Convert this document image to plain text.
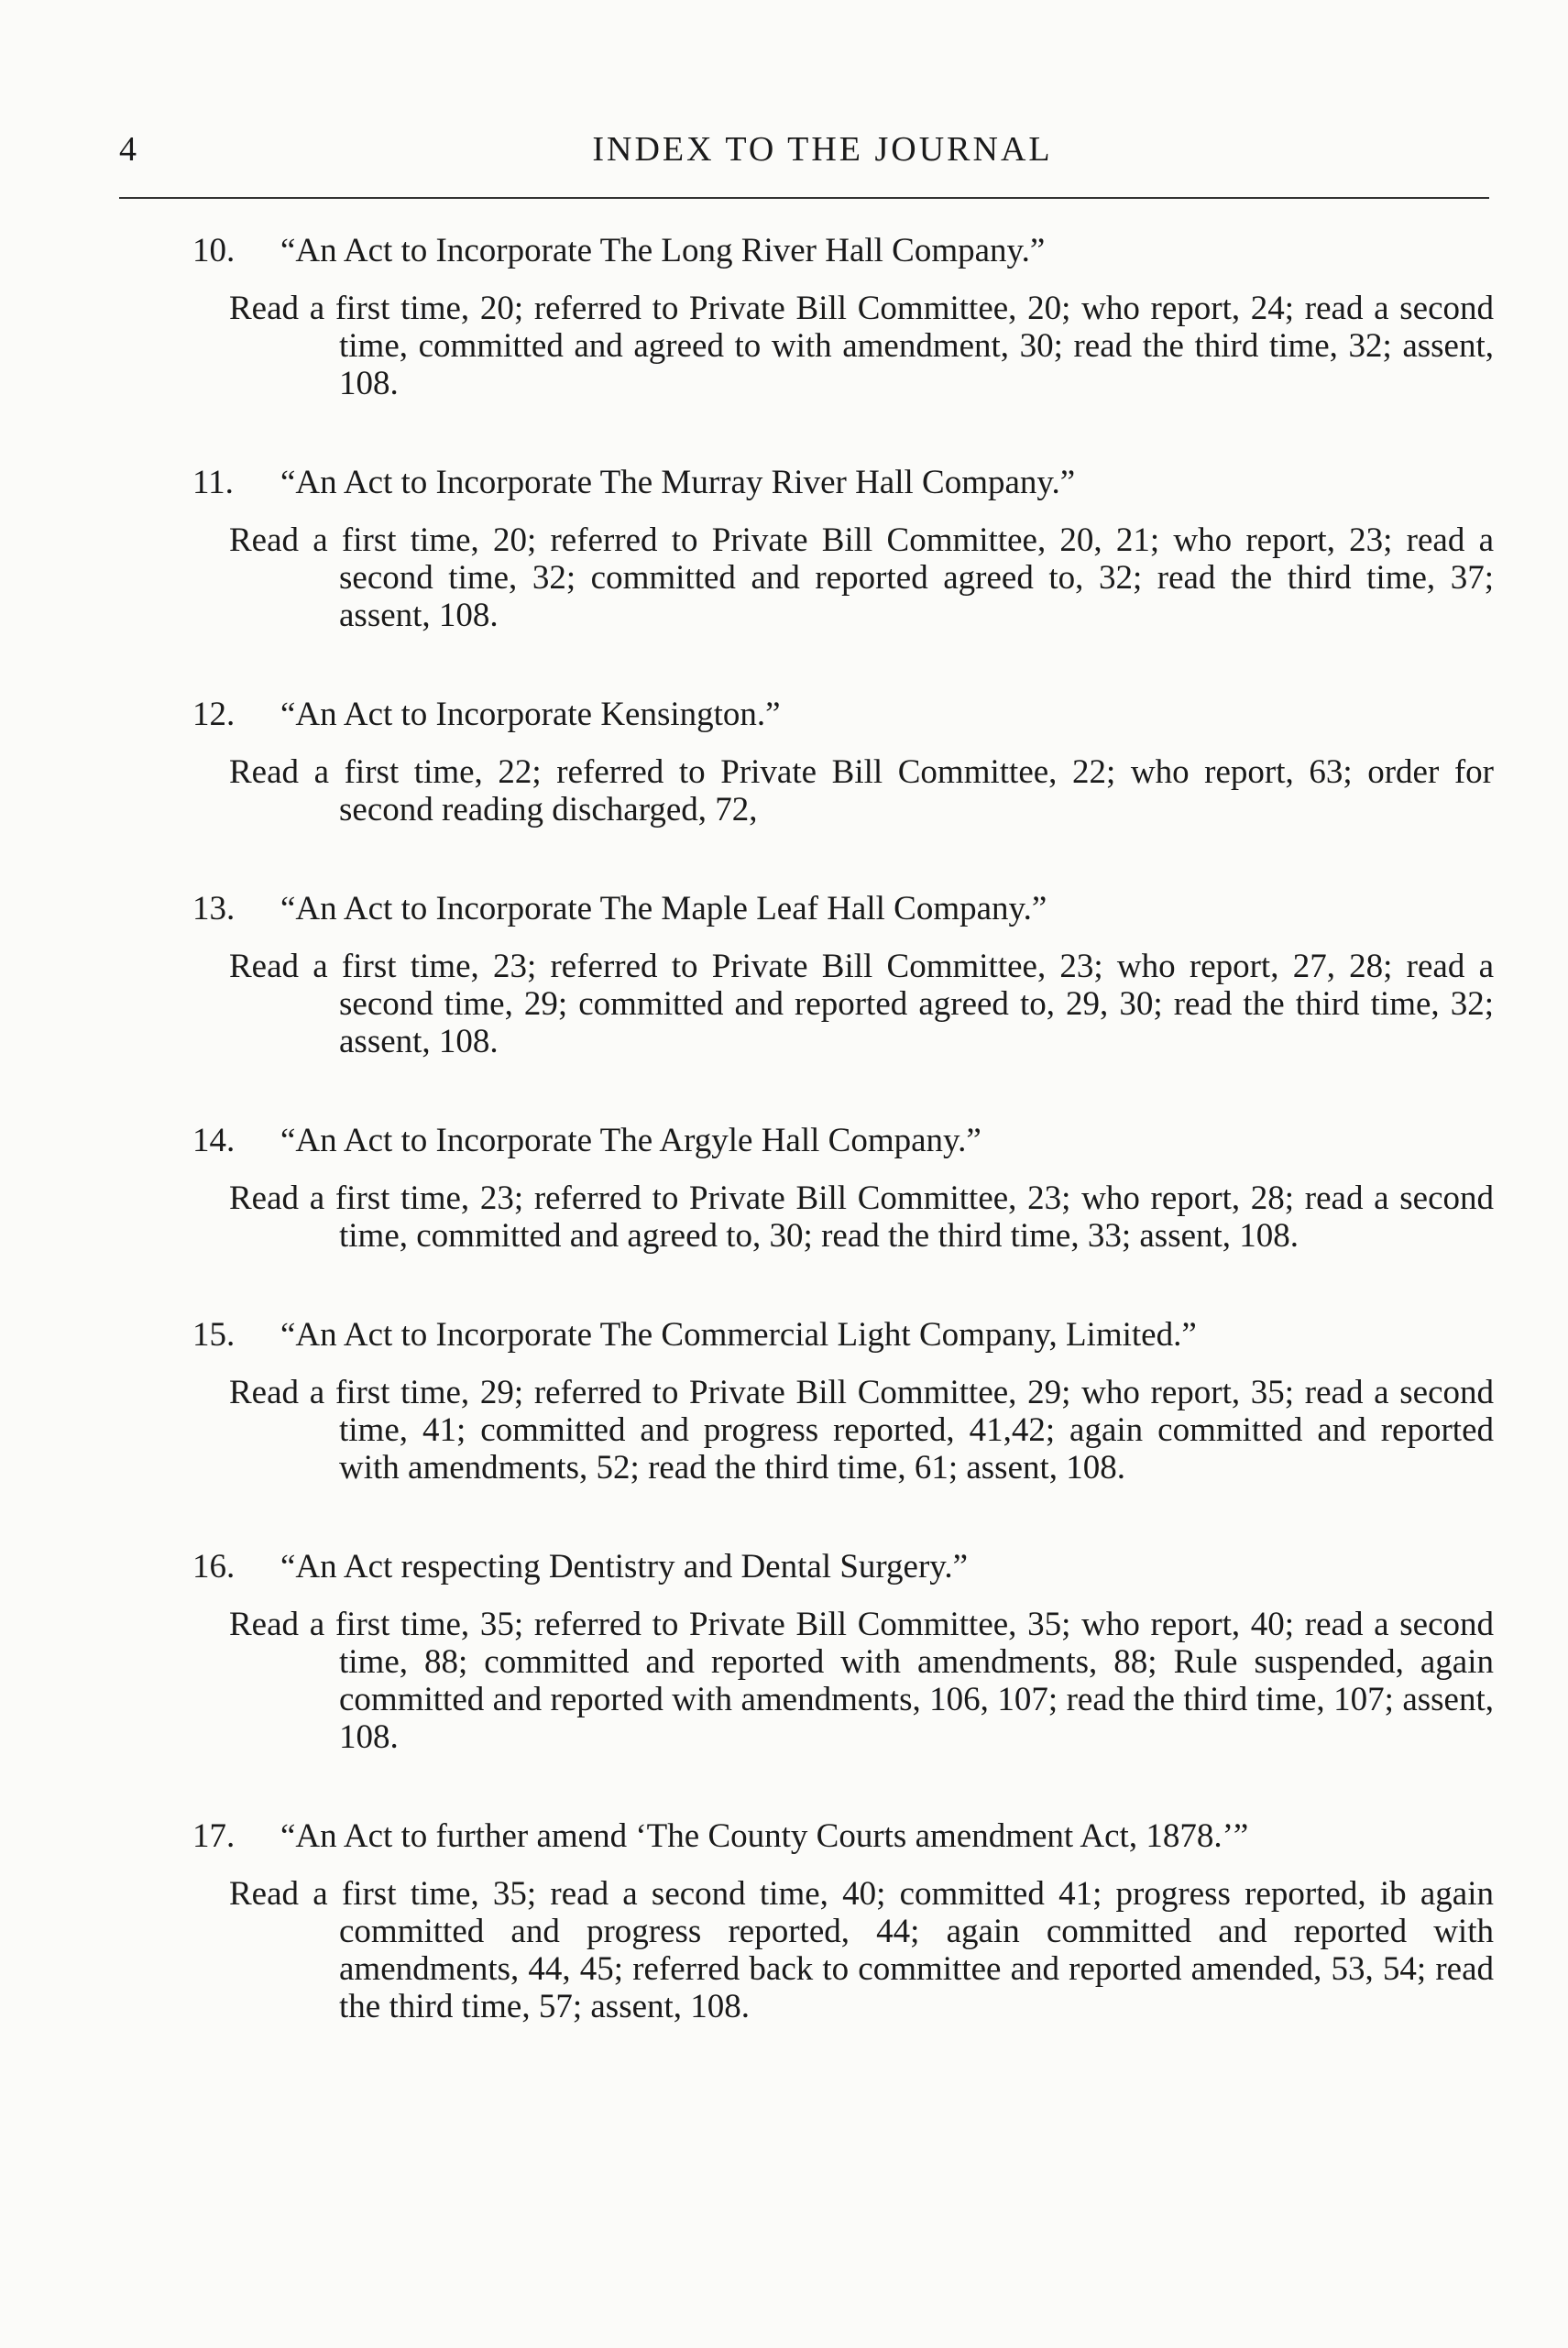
4	INDEX TO THE JOURNAL
10. “An Act to Incorporate The Long River Hall Company.”
Read a first time, 20; referred to Private Bill Committee, 20; who report, 24; read a second time, committed and agreed to with amendment, 30; read the third time, 32; assent, 108.
11. “An Act to Incorporate The Murray River Hall Company.”
Read a first time, 20; referred to Private Bill Committee, 20, 21; who report, 23; read a second time, 32; committed and reported agreed to, 32; read the third time, 37; assent, 108.
12. “An Act to Incorporate Kensington.”
Read a first time, 22; referred to Private Bill Committee, 22; who report, 63; order for second reading discharged, 72,
13. “An Act to Incorporate The Maple Leaf Hall Company.”
Read a first time, 23; referred to Private Bill Committee, 23; who report, 27, 28; read a second time, 29; committed and reported agreed to, 29, 30; read the third time, 32; assent, 108.
14. “An Act to Incorporate The Argyle Hall Company.”
Read a first time, 23; referred to Private Bill Committee, 23; who report, 28; read a second time, committed and agreed to, 30; read the third time, 33; assent, 108.
15. “An Act to Incorporate The Commercial Light Company, Limited.”
Read a first time, 29; referred to Private Bill Committee, 29; who report, 35; read a second time, 41; committed and progress reported, 41,42; again committed and reported with amendments, 52; read the third time, 61; assent, 108.
16. “An Act respecting Dentistry and Dental Surgery.”
Read a first time, 35; referred to Private Bill Committee, 35; who report, 40; read a second time, 88; committed and reported with amendments, 88; Rule suspended, again committed and reported with amendments, 106, 107; read the third time, 107; assent, 108.
17. “An Act to further amend ‘The County Courts amendment Act, 1878.’”
Read a first time, 35; read a second time, 40; committed 41; progress reported, ib again committed and progress reported, 44; again committed and reported with amendments, 44, 45; referred back to committee and reported amended, 53, 54; read the third time, 57; assent, 108.
